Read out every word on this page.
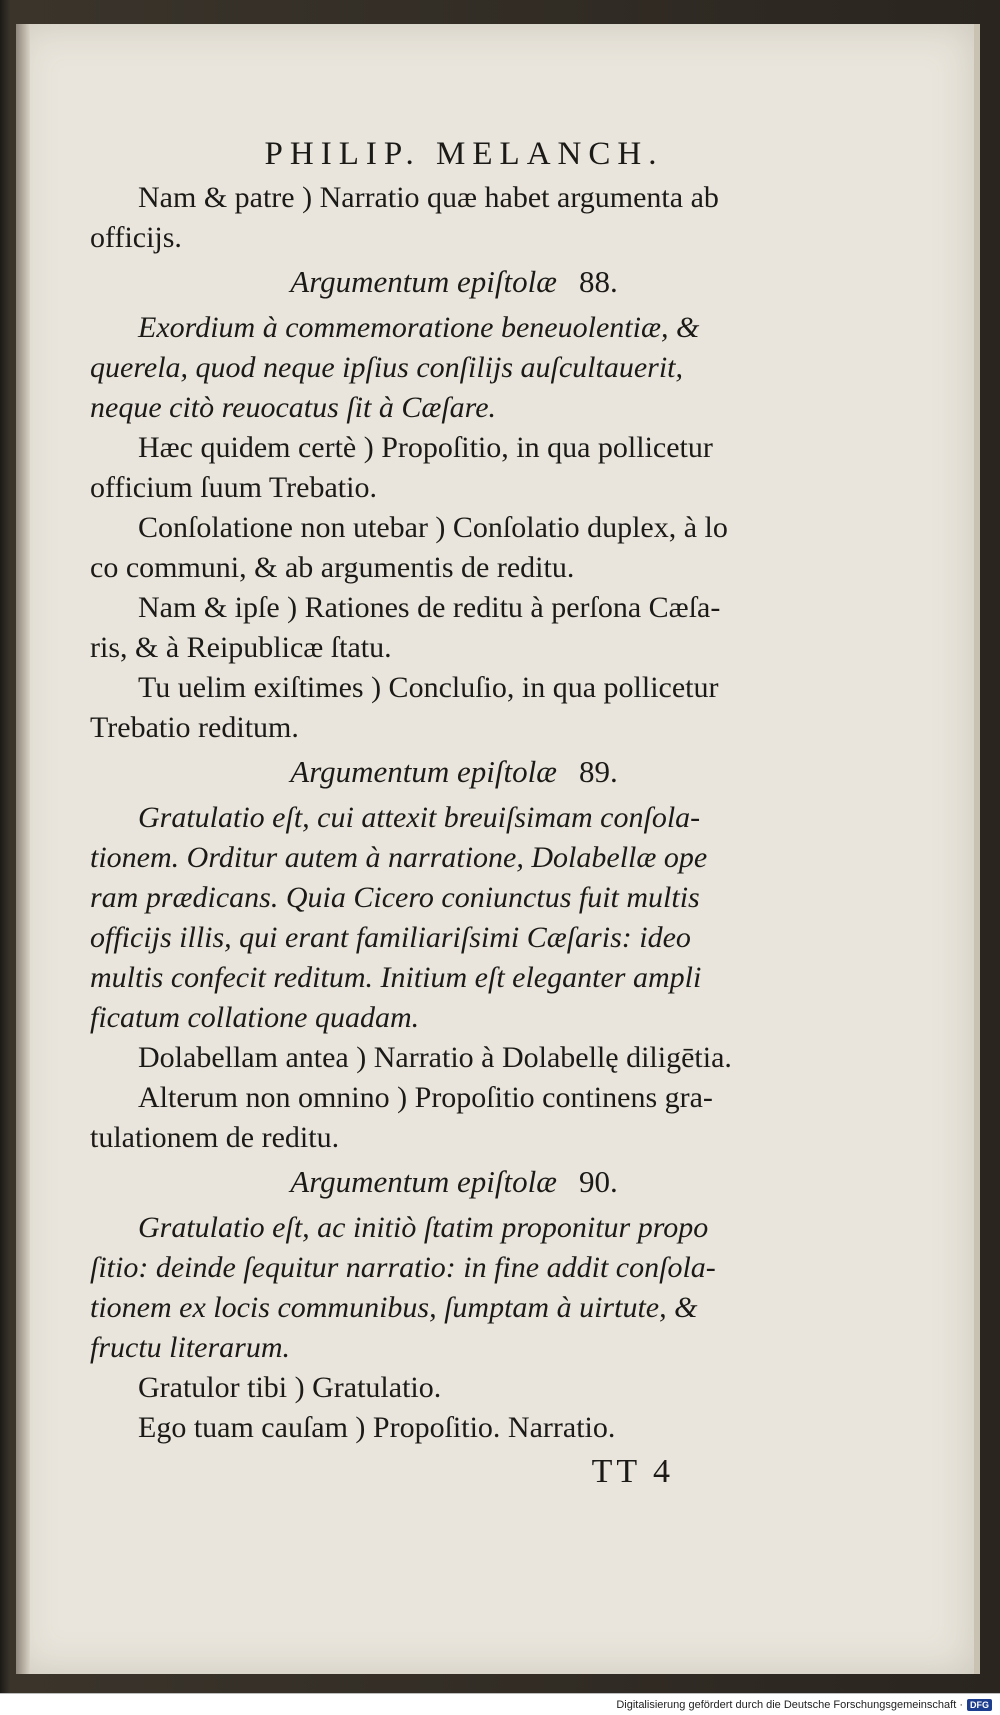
PHILIP. MELANCH.

Nam & patre ) Narratio quæ habet argumenta ab

officijs.

Argumentum epiſtolæ 88.

Exordium à commemoratione beneuolentiæ, &

querela, quod neque ipſius conſilijs auſcultauerit,

neque citò reuocatus ſit à Cæſare.

Hæc quidem certè ) Propoſitio, in qua pollicetur

officium ſuum Trebatio.

Conſolatione non utebar ) Conſolatio duplex, à lo

co communi, & ab argumentis de reditu.

Nam & ipſe ) Rationes de reditu à perſona Cæſa-

ris, & à Reipublicæ ſtatu.

Tu uelim exiſtimes ) Concluſio, in qua pollicetur

Trebatio reditum.

Argumentum epiſtolæ 89.

Gratulatio eſt, cui attexit breuiſsimam conſola-

tionem. Orditur autem à narratione, Dolabellæ ope

ram prædicans. Quia Cicero coniunctus fuit multis

officijs illis, qui erant familiariſsimi Cæſaris: ideo

multis confecit reditum. Initium eſt eleganter ampli

ficatum collatione quadam.

Dolabellam antea ) Narratio à Dolabellę diligētia.

Alterum non omnino ) Propoſitio continens gra-

tulationem de reditu.

Argumentum epiſtolæ 90.

Gratulatio eſt, ac initiò ſtatim proponitur propo

ſitio: deinde ſequitur narratio: in fine addit conſola-

tionem ex locis communibus, ſumptam à uirtute, &

fructu literarum.

Gratulor tibi ) Gratulatio.

Ego tuam cauſam ) Propoſitio. Narratio.

TT 4
Digitalisierung gefördert durch die Deutsche Forschungsgemeinschaft · DFG
